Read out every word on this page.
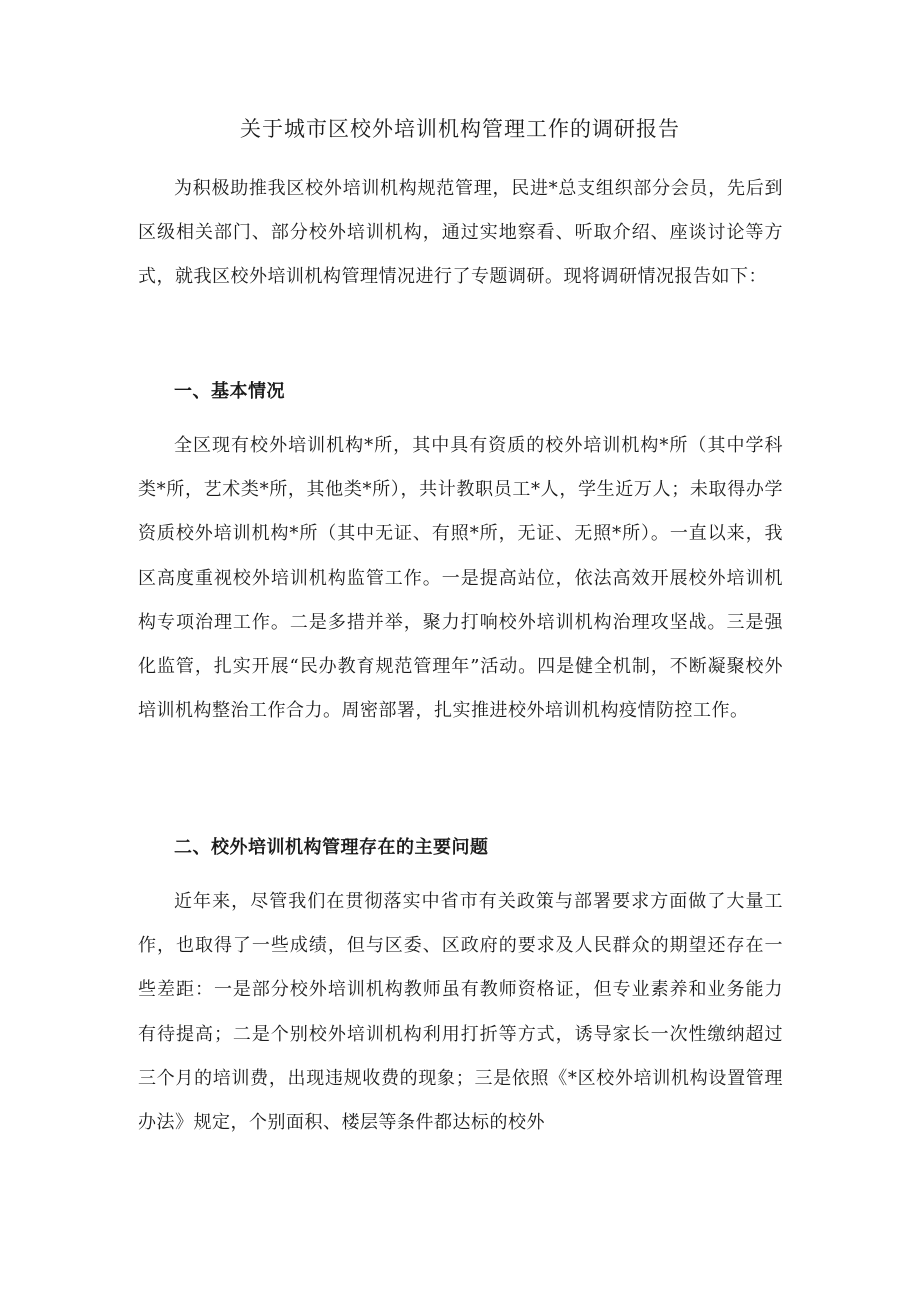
关于城市区校外培训机构管理工作的调研报告

为积极助推我区校外培训机构规范管理，民进*总支组织部分会员，先后到区级相关部门、部分校外培训机构，通过实地察看、听取介绍、座谈讨论等方式，就我区校外培训机构管理情况进行了专题调研。现将调研情况报告如下：

一、基本情况

全区现有校外培训机构*所，其中具有资质的校外培训机构*所（其中学科类*所，艺术类*所，其他类*所），共计教职员工*人，学生近万人；未取得办学资质校外培训机构*所（其中无证、有照*所，无证、无照*所）。一直以来，我区高度重视校外培训机构监管工作。一是提高站位，依法高效开展校外培训机构专项治理工作。二是多措并举，聚力打响校外培训机构治理攻坚战。三是强化监管，扎实开展“民办教育规范管理年”活动。四是健全机制，不断凝聚校外培训机构整治工作合力。周密部署，扎实推进校外培训机构疫情防控工作。

二、校外培训机构管理存在的主要问题

近年来，尽管我们在贯彻落实中省市有关政策与部署要求方面做了大量工作，也取得了一些成绩，但与区委、区政府的要求及人民群众的期望还存在一些差距：一是部分校外培训机构教师虽有教师资格证，但专业素养和业务能力有待提高；二是个别校外培训机构利用打折等方式，诱导家长一次性缴纳超过三个月的培训费，出现违规收费的现象；三是依照《*区校外培训机构设置管理办法》规定，个别面积、楼层等条件都达标的校外
